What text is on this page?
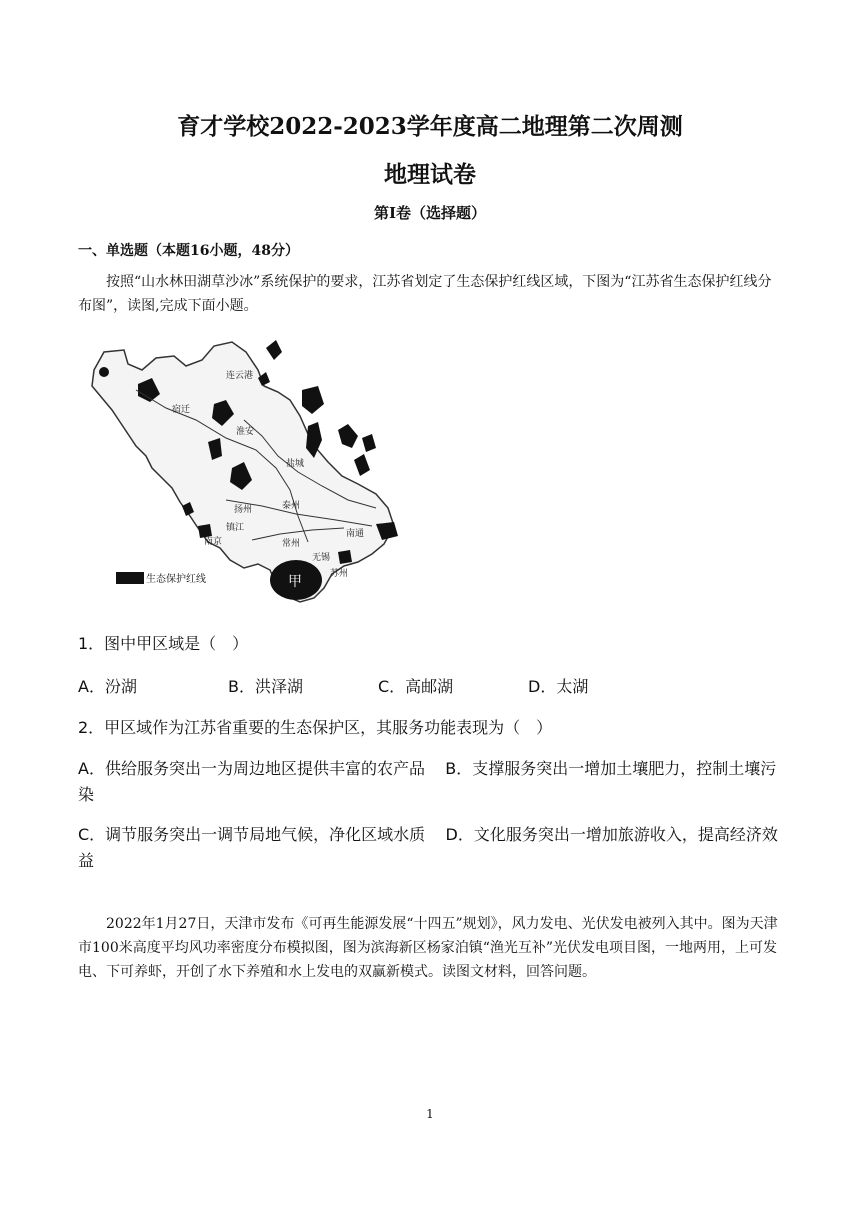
育才学校2022-2023学年度高二地理第二次周测
地理试卷
第Ⅰ卷（选择题）
一、单选题（本题16小题，48分）
按照“山水林田湖草沙冰”系统保护的要求，江苏省划定了生态保护红线区域，下图为“江苏省生态保护红线分布图”，读图,完成下面小题。
甲
连云港
宿迁
淮安
盐城
扬州	泰州
镇江
南京	常州
无锡
苏州
南通
生态保护红线
1．图中甲区域是（　）
A．汾湖	B．洪泽湖	C．高邮湖	D．太湖
2．甲区域作为江苏省重要的生态保护区，其服务功能表现为（　）
A．供给服务突出一为周边地区提供丰富的农产品 B．支撑服务突出一增加土壤肥力，控制土壤污染
C．调节服务突出一调节局地气候，净化区域水质 D．文化服务突出一增加旅游收入，提高经济效益
2022年1月27日，天津市发布《可再生能源发展“十四五”规划》，风力发电、光伏发电被列入其中。图为天津市100米高度平均风功率密度分布模拟图，图为滨海新区杨家泊镇“渔光互补”光伏发电项目图，一地两用，上可发电、下可养虾，开创了水下养殖和水上发电的双赢新模式。读图文材料，回答问题。
1
